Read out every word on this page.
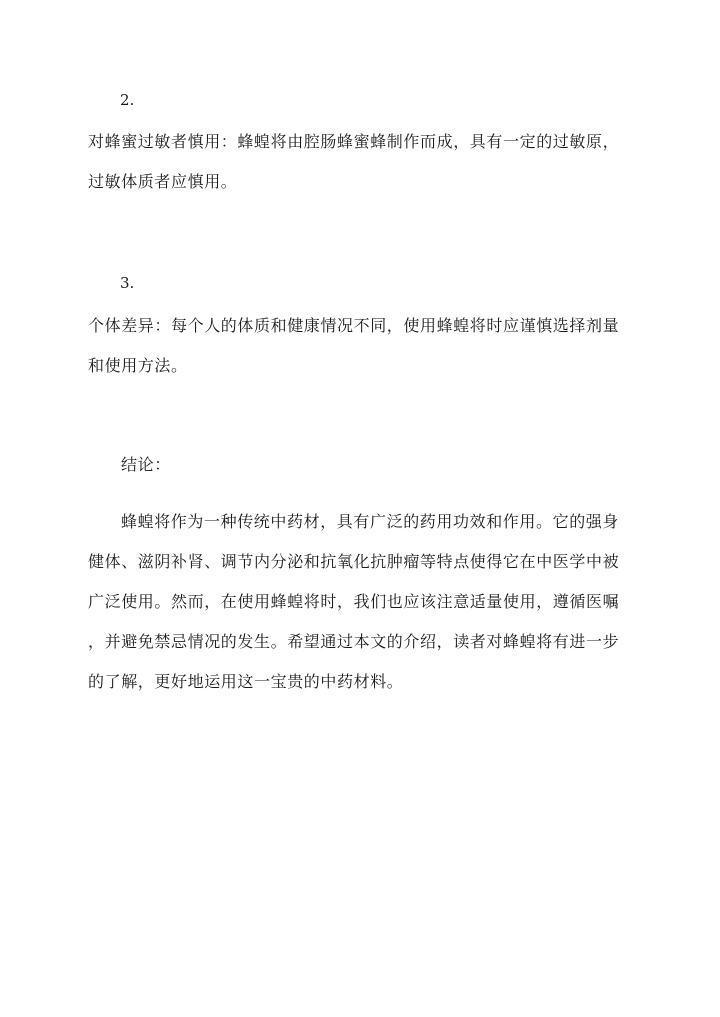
2.

对蜂蜜过敏者慎用：蜂蝗将由腔肠蜂蜜蜂制作而成，具有一定的过敏原，
过敏体质者应慎用。

3.

个体差异：每个人的体质和健康情况不同，使用蜂蝗将时应谨慎选择剂量
和使用方法。
结论：
蜂蝗将作为一种传统中药材，具有广泛的药用功效和作用。它的强身
健体、滋阴补肾、调节内分泌和抗氧化抗肿瘤等特点使得它在中医学中被
广泛使用。然而，在使用蜂蝗将时，我们也应该注意适量使用，遵循医嘱
，并避免禁忌情况的发生。希望通过本文的介绍，读者对蜂蝗将有进一步
的了解，更好地运用这一宝贵的中药材料。
